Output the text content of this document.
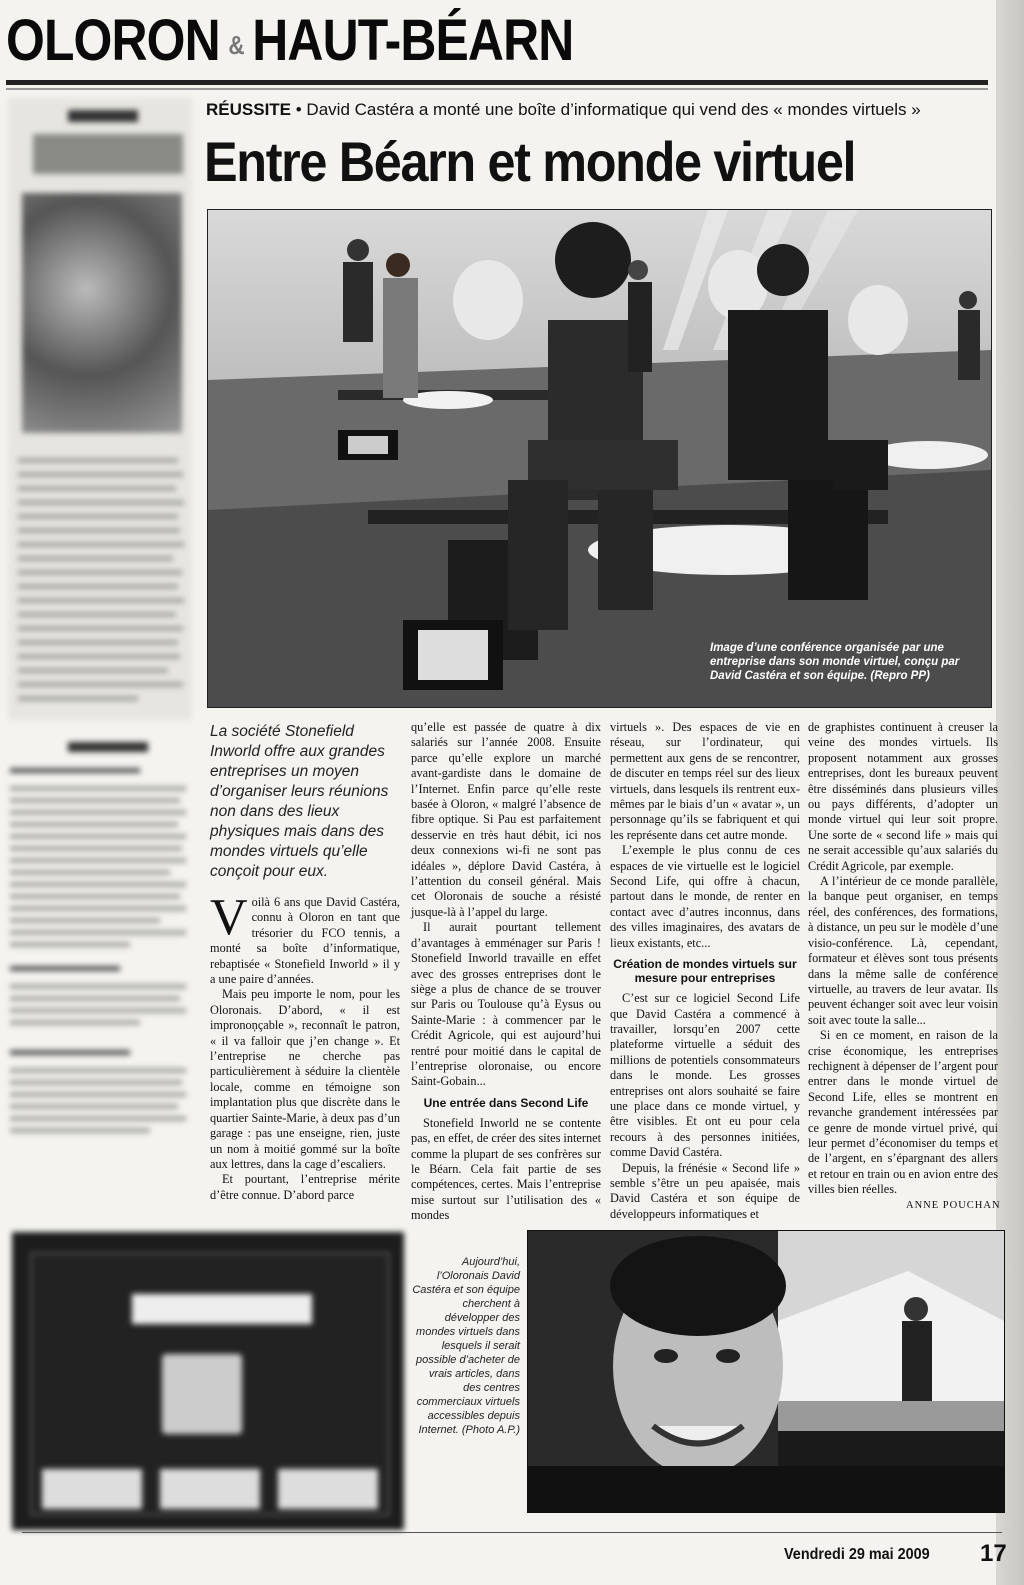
OLORON & HAUT-BÉARN
RÉUSSITE • David Castéra a monté une boîte d’informatique qui vend des « mondes virtuels »
Entre Béarn et monde virtuel
Image d’une conférence organisée par une entreprise dans son monde virtuel, conçu par David Castéra et son équipe. (Repro PP)
La société Stonefield Inworld offre aux grandes entreprises un moyen d’organiser leurs réunions non dans des lieux physiques mais dans des mondes virtuels qu’elle conçoit pour eux.

Voilà 6 ans que David Castéra, connu à Oloron en tant que trésorier du FCO tennis, a monté sa boîte d’informatique, rebaptisée « Stonefield Inworld » il y a une paire d’années.

Mais peu importe le nom, pour les Oloronais. D’abord, « il est impronoņçable », reconnaît le patron, « il va falloir que j’en change ». Et l’entreprise ne cherche pas particulièrement à séduire la clientèle locale, comme en témoigne son implantation plus que discrète dans le quartier Sainte-Marie, à deux pas d’un garage : pas une enseigne, rien, juste un nom à moitié gommé sur la boîte aux lettres, dans la cage d’escaliers.

Et pourtant, l’entreprise mérite d’être connue. D’abord parce

qu’elle est passée de quatre à dix salariés sur l’année 2008. Ensuite parce qu’elle explore un marché avant-gardiste dans le domaine de l’Internet. Enfin parce qu’elle reste basée à Oloron, « malgré l’absence de fibre optique. Si Pau est parfaitement desservie en très haut débit, ici nos deux connexions wi-fi ne sont pas idéales », déplore David Castéra, à l’attention du conseil général. Mais cet Oloronais de souche a résisté jusque-là à l’appel du large.

Il aurait pourtant tellement d’avantages à emménager sur Paris ! Stonefield Inworld travaille en effet avec des grosses entreprises dont le siège a plus de chance de se trouver sur Paris ou Toulouse qu’à Eysus ou Sainte-Marie : à commencer par le Crédit Agricole, qui est aujourd’hui rentré pour moitié dans le capital de l’entreprise oloronaise, ou encore Saint-Gobain...

Une entrée dans Second Life

Stonefield Inworld ne se contente pas, en effet, de créer des sites internet comme la plupart de ses confrères sur le Béarn. Cela fait partie de ses compétences, certes. Mais l’entreprise mise surtout sur l’utilisation des « mondes

virtuels ». Des espaces de vie en réseau, sur l’ordinateur, qui permettent aux gens de se rencontrer, de discuter en temps réel sur des lieux virtuels, dans lesquels ils rentrent eux-mêmes par le biais d’un « avatar », un personnage qu’ils se fabriquent et qui les représente dans cet autre monde.

L’exemple le plus connu de ces espaces de vie virtuelle est le logiciel Second Life, qui offre à chacun, partout dans le monde, de renter en contact avec d’autres inconnus, dans des villes imaginaires, des avatars de lieux existants, etc...

Création de mondes virtuels sur mesure pour entreprises

C’est sur ce logiciel Second Life que David Castéra a commencé à travailler, lorsqu’en 2007 cette plateforme virtuelle a séduit des millions de potentiels consommateurs dans le monde. Les grosses entreprises ont alors souhaité se faire une place dans ce monde virtuel, y être visibles. Et ont eu pour cela recours à des personnes initiées, comme David Castéra.

Depuis, la frénésie « Second life » semble s’être un peu apaisée, mais David Castéra et son équipe de développeurs informatiques et

de graphistes continuent à creuser la veine des mondes virtuels. Ils proposent notamment aux grosses entreprises, dont les bureaux peuvent être disséminés dans plusieurs villes ou pays différents, d’adopter un monde virtuel qui leur soit propre. Une sorte de « second life » mais qui ne serait accessible qu’aux salariés du Crédit Agricole, par exemple.

A l’intérieur de ce monde parallèle, la banque peut organiser, en temps réel, des conférences, des formations, à distance, un peu sur le modèle d’une visio-conférence. Là, cependant, formateur et élèves sont tous présents dans la même salle de conférence virtuelle, au travers de leur avatar. Ils peuvent échanger soit avec leur voisin soit avec toute la salle...

Si en ce moment, en raison de la crise économique, les entreprises rechignent à dépenser de l’argent pour entrer dans le monde virtuel de Second Life, elles se montrent en revanche grandement intéressées par ce genre de monde virtuel privé, qui leur permet d’économiser du temps et de l’argent, en s’épargnant des allers et retour en train ou en avion entre des villes bien réelles.

ANNE POUCHAN
Aujourd’hui, l’Oloronais David Castéra et son équipe cherchent à développer des mondes virtuels dans lesquels il serait possible d’acheter de vrais articles, dans des centres commerciaux virtuels accessibles depuis Internet. (Photo A.P.)
Vendredi 29 mai 2009 17
